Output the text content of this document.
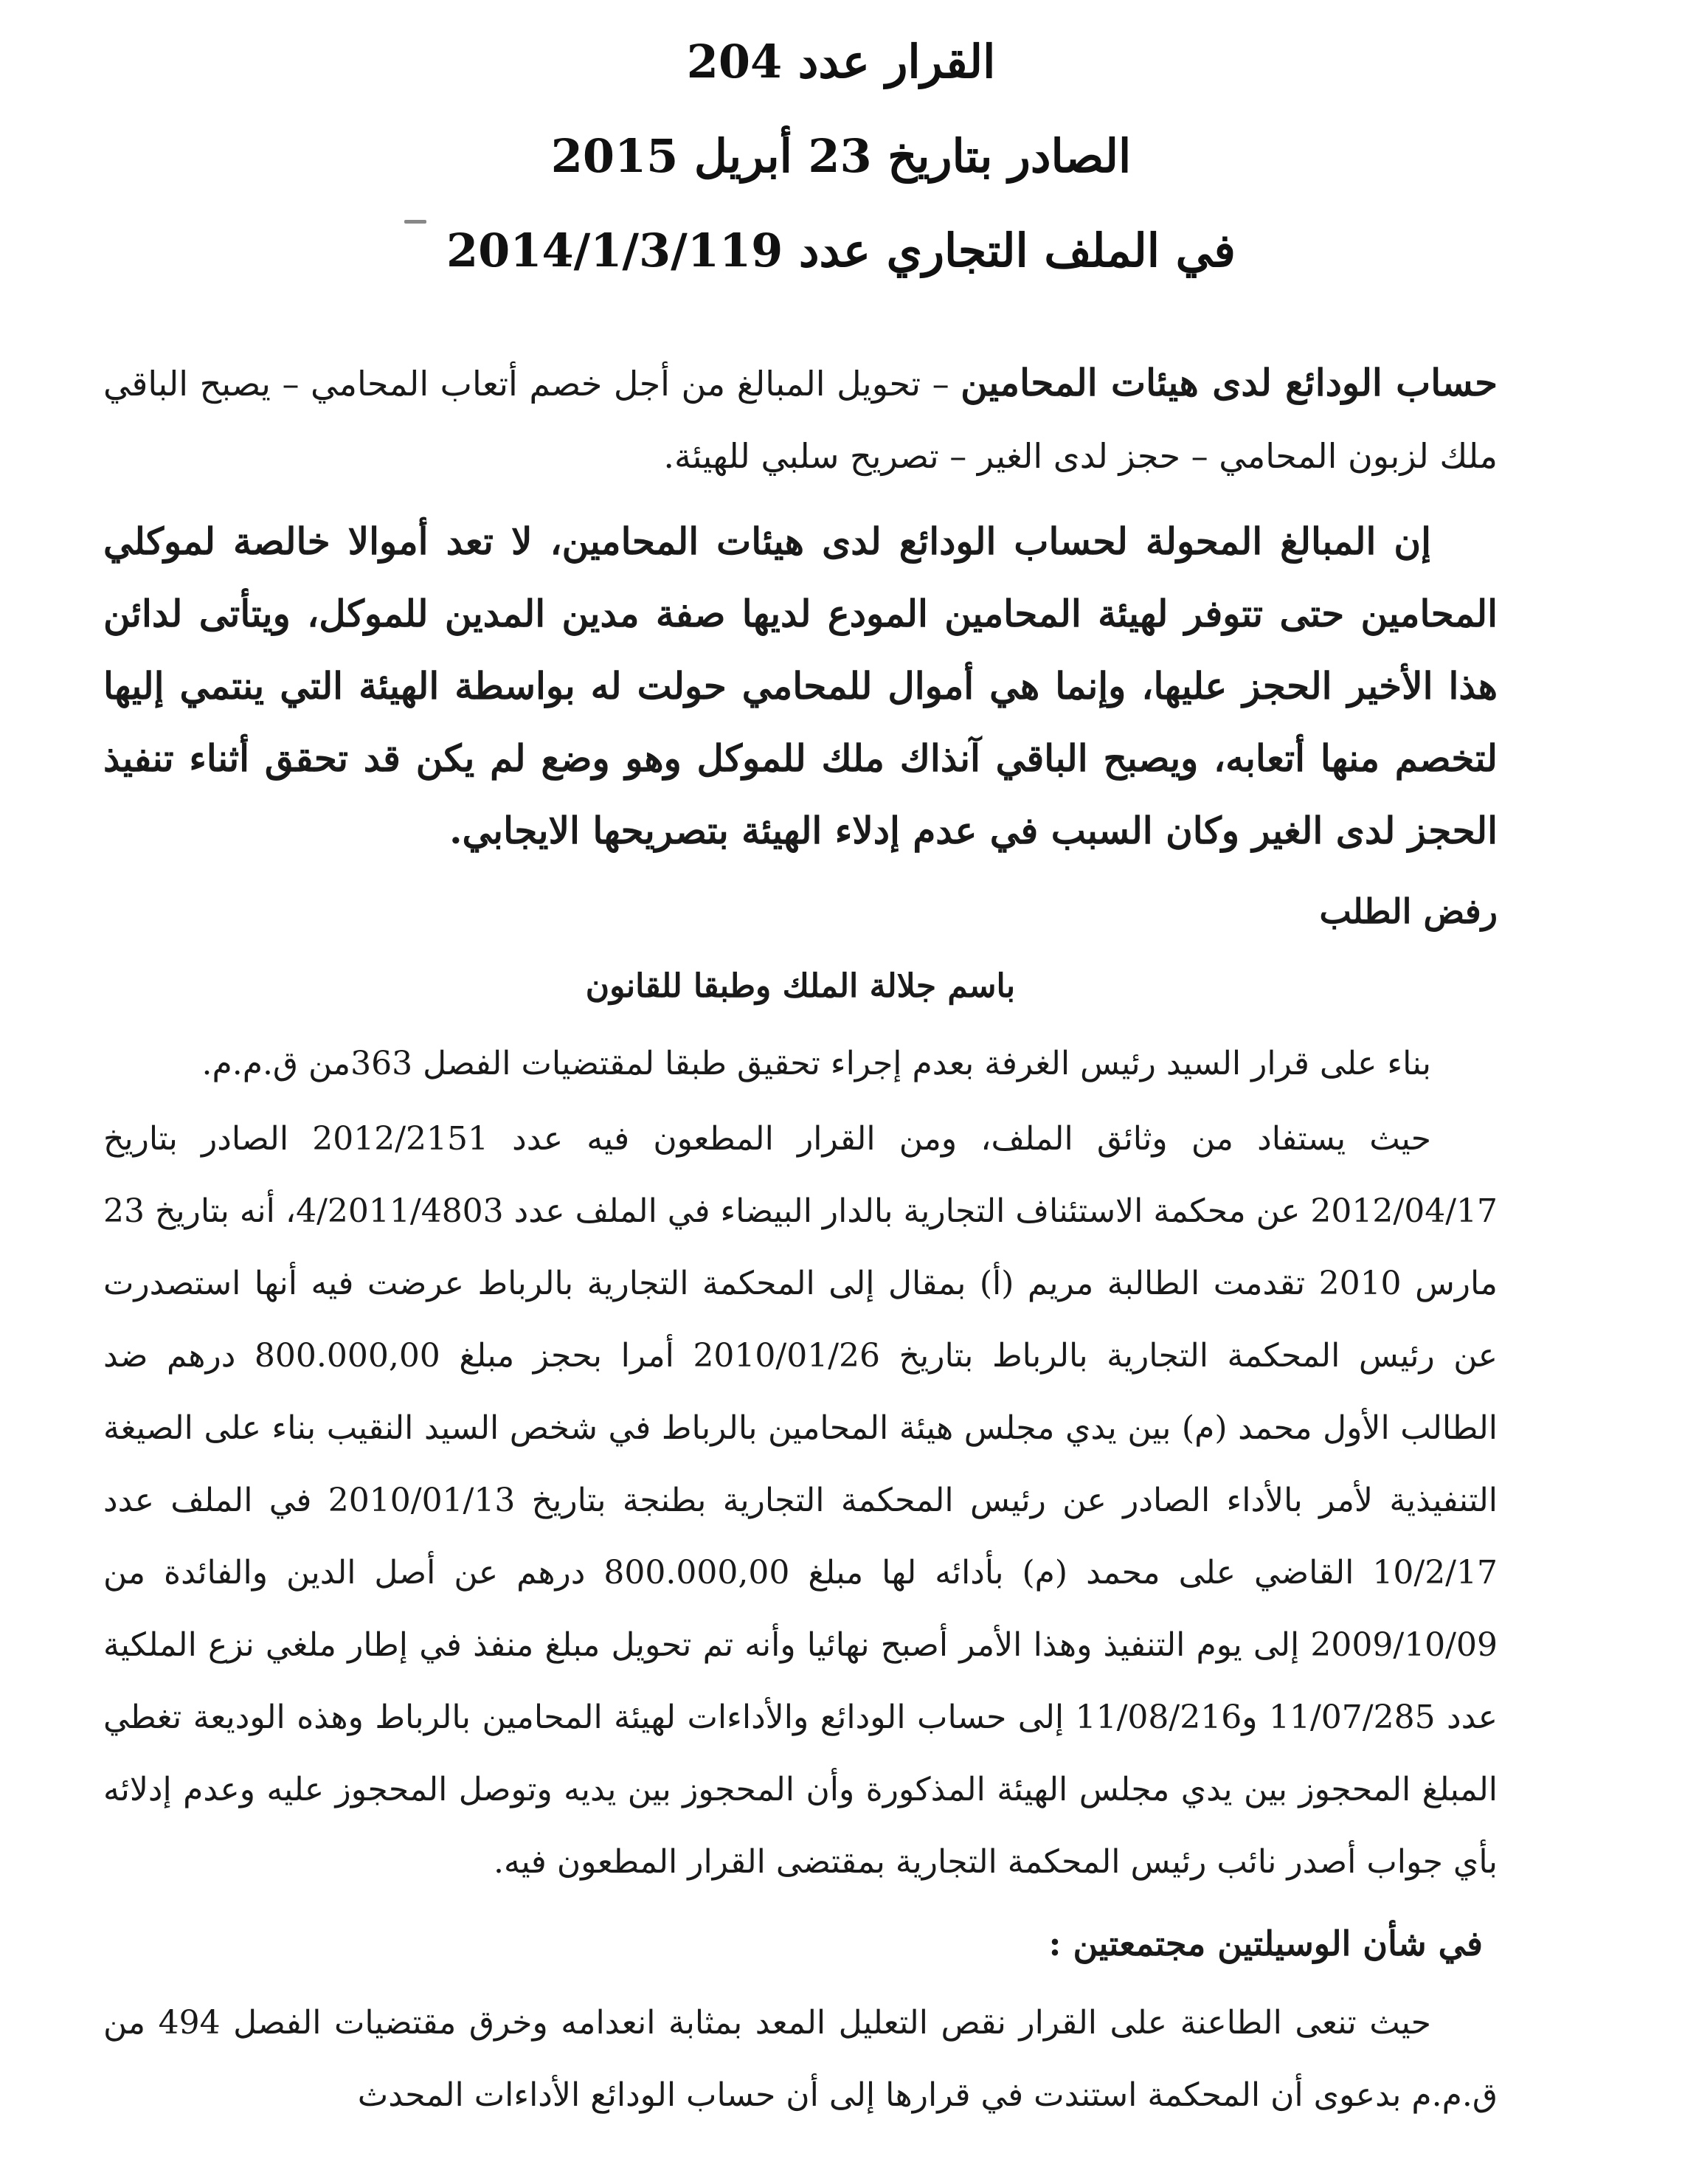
القرار عدد 204
الصادر بتاريخ 23 أبريل 2015
في الملف التجاري عدد 2014/1/3/119

حساب الودائع لدى هيئات المحامين – تحويل المبالغ من أجل خصم أتعاب المحامي – يصبح الباقي ملك لزبون المحامي – حجز لدى الغير – تصريح سلبي للهيئة.

إن المبالغ المحولة لحساب الودائع لدى هيئات المحامين، لا تعد أموالا خالصة لموكلي المحامين حتى تتوفر لهيئة المحامين المودع لديها صفة مدين المدين للموكل، ويتأتى لدائن هذا الأخير الحجز عليها، وإنما هي أموال للمحامي حولت له بواسطة الهيئة التي ينتمي إليها لتخصم منها أتعابه، ويصبح الباقي آنذاك ملك للموكل وهو وضع لم يكن قد تحقق أثناء تنفيذ الحجز لدى الغير وكان السبب في عدم إدلاء الهيئة بتصريحها الايجابي.

رفض الطلب

باسم جلالة الملك وطبقا للقانون

بناء على قرار السيد رئيس الغرفة بعدم إجراء تحقيق طبقا لمقتضيات الفصل 363من ق.م.م.

حيث يستفاد من وثائق الملف، ومن القرار المطعون فيه عدد 2012/2151 الصادر بتاريخ 2012/04/17 عن محكمة الاستئناف التجارية بالدار البيضاء في الملف عدد 4/2011/4803، أنه بتاريخ 23 مارس 2010 تقدمت الطالبة مريم (أ) بمقال إلى المحكمة التجارية بالرباط عرضت فيه أنها استصدرت عن رئيس المحكمة التجارية بالرباط بتاريخ 2010/01/26 أمرا بحجز مبلغ 800.000,00 درهم ضد الطالب الأول محمد (م) بين يدي مجلس هيئة المحامين بالرباط في شخص السيد النقيب بناء على الصيغة التنفيذية لأمر بالأداء الصادر عن رئيس المحكمة التجارية بطنجة بتاريخ 2010/01/13 في الملف عدد 10/2/17 القاضي على محمد (م) بأدائه لها مبلغ 800.000,00 درهم عن أصل الدين والفائدة من 2009/10/09 إلى يوم التنفيذ وهذا الأمر أصبح نهائيا وأنه تم تحويل مبلغ منفذ في إطار ملغي نزع الملكية عدد 11/07/285 و11/08/216 إلى حساب الودائع والأداءات لهيئة المحامين بالرباط وهذه الوديعة تغطي المبلغ المحجوز بين يدي مجلس الهيئة المذكورة وأن المحجوز بين يديه وتوصل المحجوز عليه وعدم إدلائه بأي جواب أصدر نائب رئيس المحكمة التجارية بمقتضى القرار المطعون فيه.

في شأن الوسيلتين مجتمعتين :

حيث تنعى الطاعنة على القرار نقص التعليل المعد بمثابة انعدامه وخرق مقتضيات الفصل 494 من ق.م.م بدعوى أن المحكمة استندت في قرارها إلى أن حساب الودائع الأداءات المحدث
